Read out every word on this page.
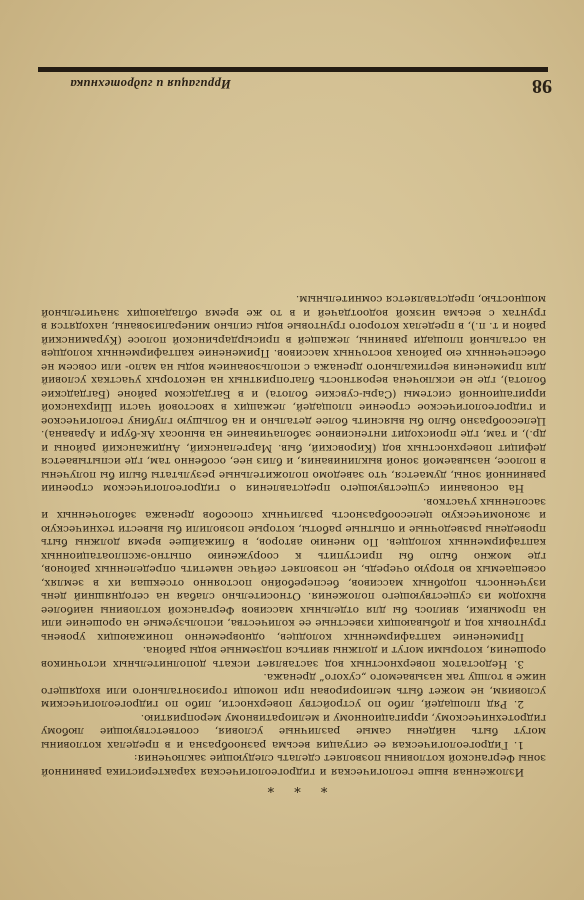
98
Ирригация и гидротехника
* * *

Изложенная выше геологическая и гидрогеологическая характеристика равнинной зоны Ферганской котловины позволяет сделать следующие заключения:

1. Гидрогеологическая ее ситуация весьма разнообразна и в пределах котловины могут быть найдены самые различные условия, соответствующие любому гидротехническому, ирригационному и мелиоративному мероприятию.

2. Ряд площадей, либо по устройству поверхности, либо по гидрогеологическим условиям, не может быть мелиорирован при помощи горизонтального или входящего ниже в толщу так называемого „сухого“ дренажа.

3. Недостаток поверхностных вод заставляет искать дополнительных источников орошения, которыми могут и должны явиться подземные воды района.

Применение каптафирменных колодцев, одновременно понижающих уровень грунтовых вод и добывающих известные ее количества, используемые на орошение или на промывки, явилось бы для отдельных массивов Ферганской котловины наиболее выходом из существующего положения. Относительно слабая на сегодняшний день изученность подобных массивов, бесперебойно постоянно отсекшая их в землях, освещаемых во вторую очередь, не позволяет сейчас наметить определенных районов, где можно было бы приступить к сооружению опытно-эксплоатационных каптафирменных колодцев. По мнению авторов, в ближайшее время должны быть проведены разведочные и опытные работы, которые позволили бы вывести техническую и экономическую целесообразность различных способов дренажа заболоченных и засоленных участков.

На основании существующего представления о гидрогеологическом строении равнинной зоны, думается, что заведомо положительные результаты были бы получены в полосе, называемой зоной выклинивания, и близ нее, особенно там, где испытывается дефицит поверхностных вод (Кировский, быв. Маргеланский, Андижанский районы и др.), и там, где происходит интенсивное заболачивание на выносах Ак-бури и Аравана). Целесообразно было бы выяснить более детально и на большую глубину геологическое и гидрогеологическое строение площадей, лежащих в хвостовой части Ширханской ирригационной системы (Сары-сувские болота) и в Багдадском районе (Багдадские болота), где не исключена вероятность благоприятных на некоторых участках условий для применения вертикального дренажа с использованием воды на мало- или совсем не обеспеченных ею районах восточных массивов. Применение каптафирменных колодцев на остальной площади равнины, лежащей в присырдарьинской полосе (Кураминский район и т. п.), в пределах которого грунтовые воды сильно минерализованы, находятся в грунтах с весьма низкой водоотдачей и в то же время обладающих значительной мощностью, представляется сомнительным.
